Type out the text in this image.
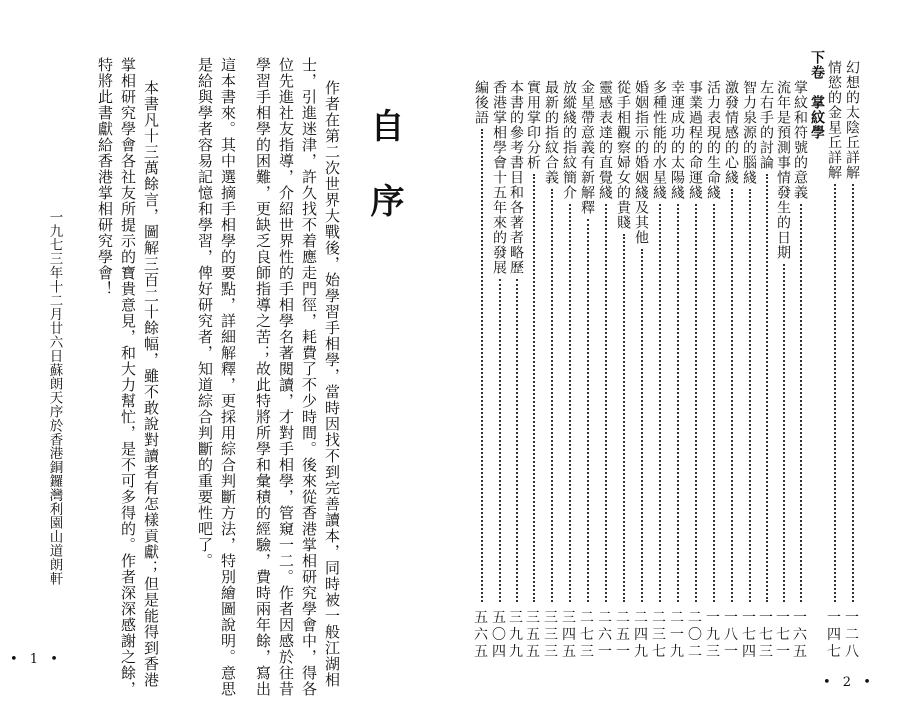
自
序
作者在第二次世界大戰後，始學習手相學，當時因找不到完善讀本，同時被一般江湖相
士，引進迷津，許久找不着應走門徑，耗費了不少時間。後來從香港掌相研究學會中，得各
位先進社友指導，介紹世界性的手相學名著閱讀，才對手相學，管窺一二。作者因感於往昔
學習手相學的困難，更缺乏良師指導之苦；故此特將所學和彙積的經驗，費時兩年餘，寫出
這本書來。其中選摘手相學的要點，詳細解釋，更採用綜合判斷方法，特別繪圖說明。意思
是給與學者容易記憶和學習，俾好研究者，知道綜合判斷的重要性吧了。
本書凡十三萬餘言，圖解三百二十餘幅，雖不敢說對讀者有怎樣貢獻；但是能得到香港
掌相研究學會各社友所提示的寶貴意見，和大力幫忙，是不可多得的。作者深深感謝之餘，
特將此書獻給香港掌相研究學會！
一九七三年十二月廿六日蘇朗天序於香港銅鑼灣利園山道朗軒
• 1 •
幻想的太陰丘詳解
一
二
八
情慾的金星丘詳解
一
四
七
下卷　掌紋學
掌紋和符號的意義
一
六
五
流年是預測事情發生的日期
一
七
一
左右手的討論
一
七
三
智力泉源的腦綫
一
七
四
激發情感的心綫
一
八
一
活力表現的生命綫
一
九
三
事業過程的命運綫
二
〇
二
幸運成功的太陽綫
二
一
九
多種性能的水星綫
二
三
七
婚姻指示的婚姻綫及其他
二
四
九
從手相觀察婦女的貴賤
二
五
一
靈感表達的直覺綫
二
六
一
金星帶意義有新解釋
二
七
三
放縱綫的指紋簡介
三
四
五
最新的指紋合義
三
三
三
實用掌印分析
三
五
五
本書的參考書目和各著者略歷
三
九
九
香港掌相學會十五年來的發展
五
〇
四
編後語
五
六
五
• 2 •
